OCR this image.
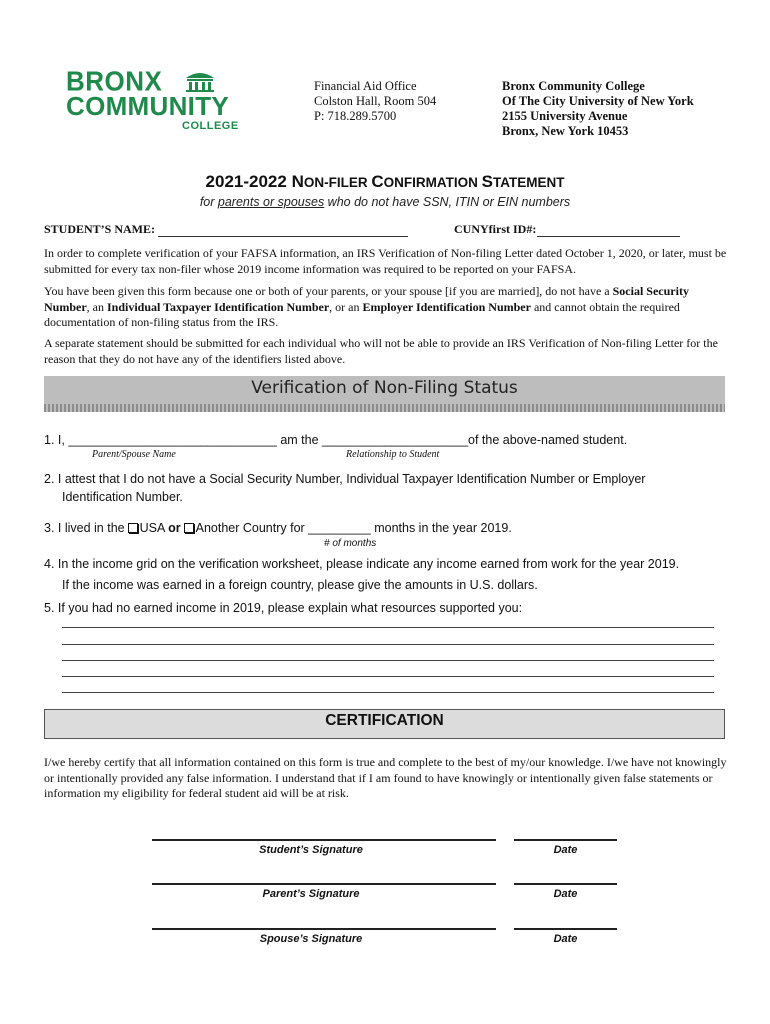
BRONX
COMMUNITY
COLLEGE
Financial Aid Office
Colston Hall, Room 504
P: 718.289.5700
Bronx Community College
Of The City University of New York
2155 University Avenue
Bronx, New York 10453
2021-2022 NON-FILER CONFIRMATION STATEMENT
for parents or spouses who do not have SSN, ITIN or EIN numbers
STUDENT’S NAME:	CUNYfirst ID#:
In order to complete verification of your FAFSA information, an IRS Verification of Non-filing Letter dated October 1, 2020, or later, must be submitted for every tax non-filer whose 2019 income information was required to be reported on your FAFSA.
You have been given this form because one or both of your parents, or your spouse [if you are married], do not have a Social Security Number, an Individual Taxpayer Identification Number, or an Employer Identification Number and cannot obtain the required documentation of non-filing status from the IRS.
A separate statement should be submitted for each individual who will not be able to provide an IRS Verification of Non-filing Letter for the reason that they do not have any of the identifiers listed above.
Verification of Non-Filing Status
1. I, ______________________________ am the _____________________of the above-named student.
Parent/Spouse Name	Relationship to Student
2. I attest that I do not have a Social Security Number, Individual Taxpayer Identification Number or Employer
Identification Number.
3. I lived in the USA or Another Country for _________ months in the year 2019.
# of months
4. In the income grid on the verification worksheet, please indicate any income earned from work for the year 2019.
If the income was earned in a foreign country, please give the amounts in U.S. dollars.
5. If you had no earned income in 2019, please explain what resources supported you:
CERTIFICATION
I/we hereby certify that all information contained on this form is true and complete to the best of my/our knowledge. I/we have not knowingly or intentionally provided any false information. I understand that if I am found to have knowingly or intentionally given false statements or information my eligibility for federal student aid will be at risk.
Student’s Signature	Date
Parent’s Signature	Date
Spouse’s Signature	Date
